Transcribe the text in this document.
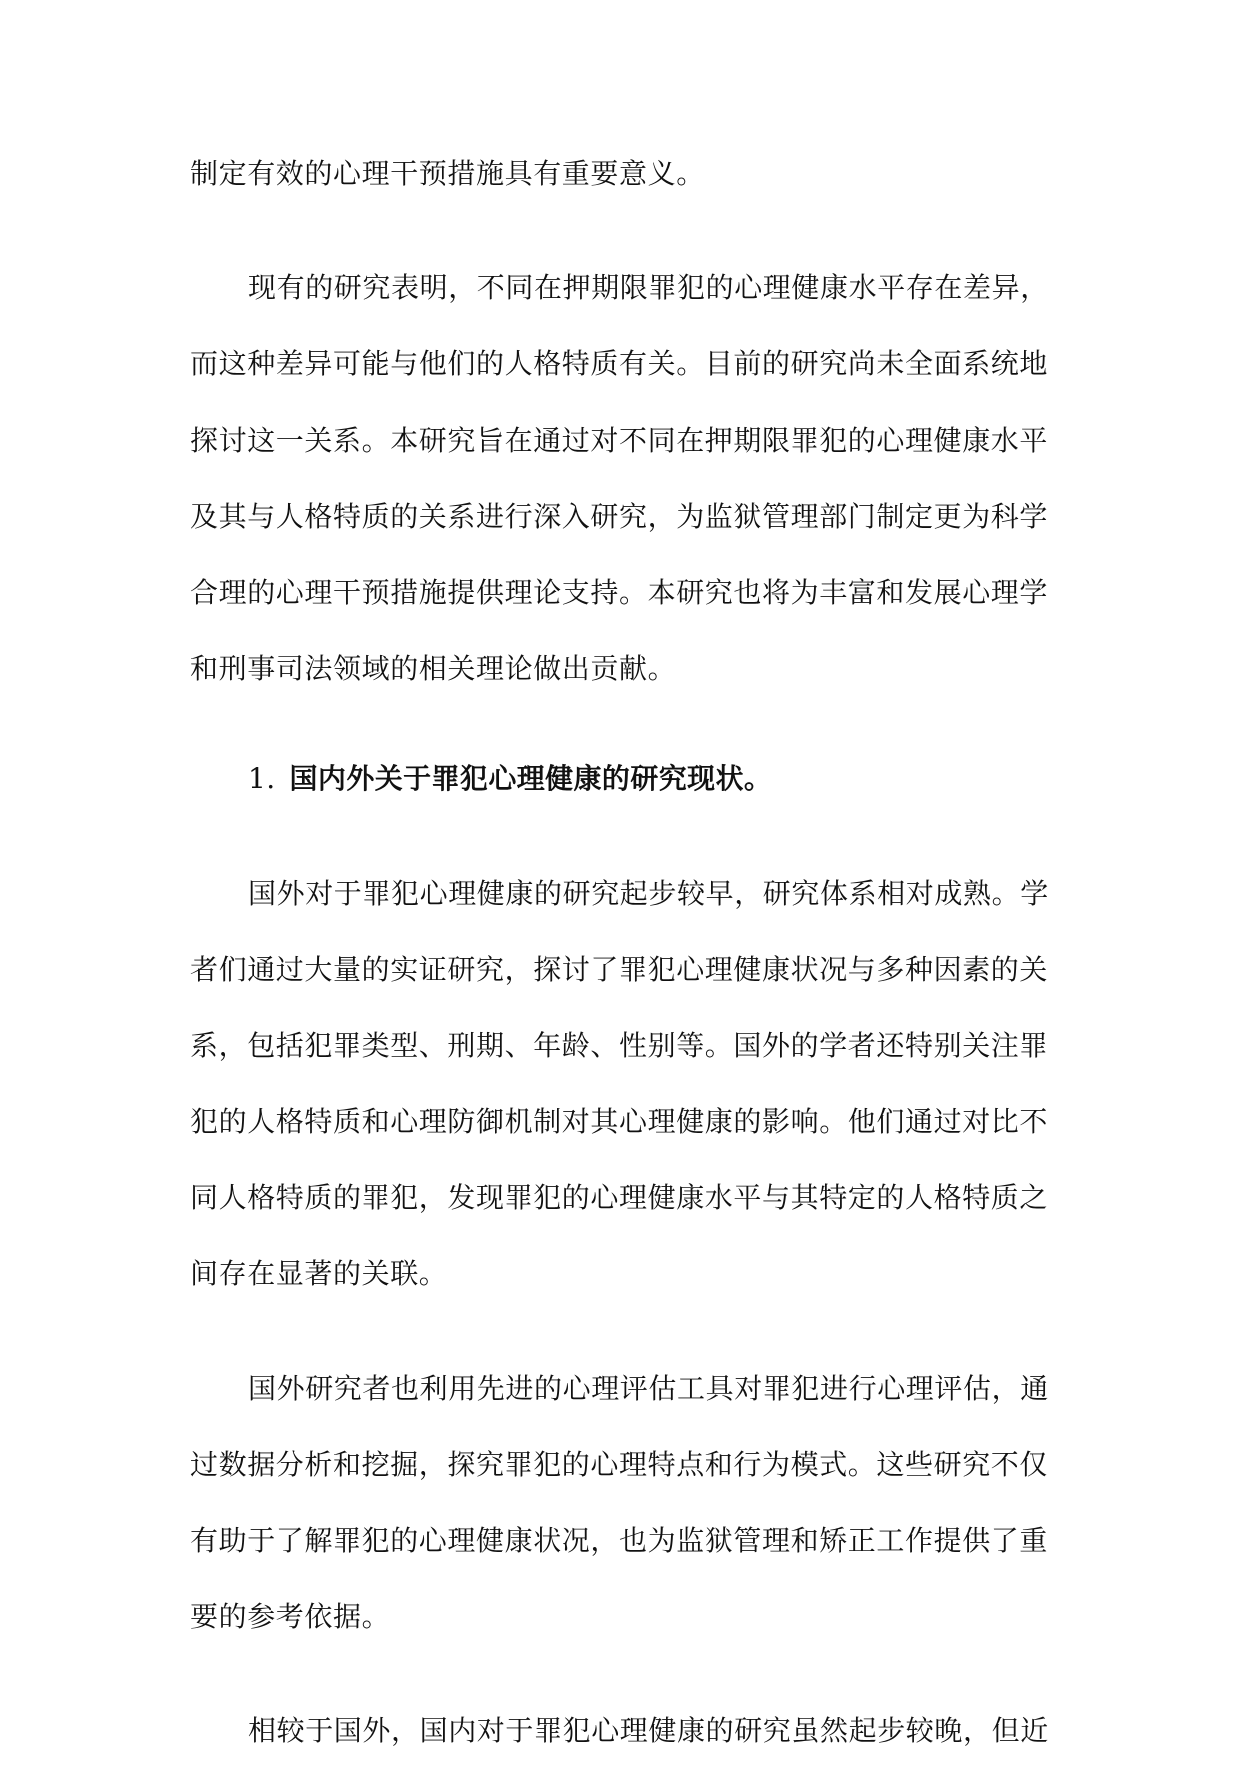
制定有效的心理干预措施具有重要意义。

现有的研究表明，不同在押期限罪犯的心理健康水平存在差异，
而这种差异可能与他们的人格特质有关。目前的研究尚未全面系统地
探讨这一关系。本研究旨在通过对不同在押期限罪犯的心理健康水平
及其与人格特质的关系进行深入研究，为监狱管理部门制定更为科学
合理的心理干预措施提供理论支持。本研究也将为丰富和发展心理学
和刑事司法领域的相关理论做出贡献。

1. 国内外关于罪犯心理健康的研究现状。

国外对于罪犯心理健康的研究起步较早，研究体系相对成熟。学
者们通过大量的实证研究，探讨了罪犯心理健康状况与多种因素的关
系，包括犯罪类型、刑期、年龄、性别等。国外的学者还特别关注罪
犯的人格特质和心理防御机制对其心理健康的影响。他们通过对比不
同人格特质的罪犯，发现罪犯的心理健康水平与其特定的人格特质之
间存在显著的关联。

国外研究者也利用先进的心理评估工具对罪犯进行心理评估，通
过数据分析和挖掘，探究罪犯的心理特点和行为模式。这些研究不仅
有助于了解罪犯的心理健康状况，也为监狱管理和矫正工作提供了重
要的参考依据。

相较于国外，国内对于罪犯心理健康的研究虽然起步较晚，但近
